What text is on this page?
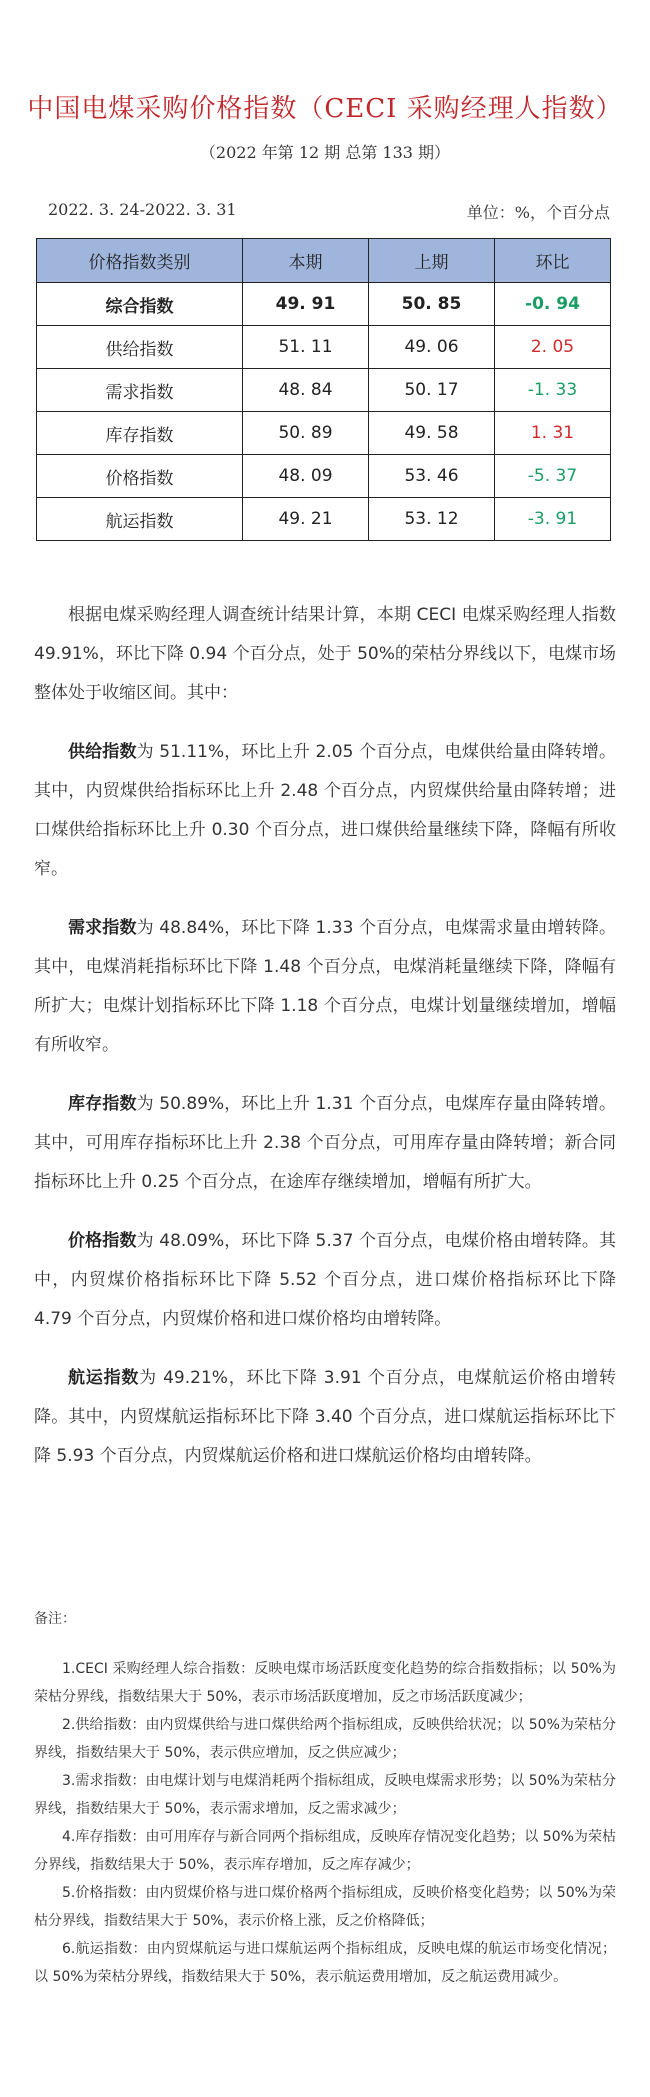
中国电煤采购价格指数（CECI 采购经理人指数）
（2022 年第 12 期 总第 133 期）
2022. 3. 24-2022. 3. 31	单位：%，个百分点
价格指数类别	本期	上期	环比
综合指数	49. 91	50. 85	-0. 94
供给指数	51. 11	49. 06	2. 05
需求指数	48. 84	50. 17	-1. 33
库存指数	50. 89	49. 58	1. 31
价格指数	48. 09	53. 46	-5. 37
航运指数	49. 21	53. 12	-3. 91

根据电煤采购经理人调查统计结果计算，本期 CECI 电煤采购经理人指数 49.91%，环比下降 0.94 个百分点，处于 50%的荣枯分界线以下，电煤市场整体处于收缩区间。其中：

供给指数为 51.11%，环比上升 2.05 个百分点，电煤供给量由降转增。其中，内贸煤供给指标环比上升 2.48 个百分点，内贸煤供给量由降转增；进口煤供给指标环比上升 0.30 个百分点，进口煤供给量继续下降，降幅有所收窄。

需求指数为 48.84%，环比下降 1.33 个百分点，电煤需求量由增转降。其中，电煤消耗指标环比下降 1.48 个百分点，电煤消耗量继续下降，降幅有所扩大；电煤计划指标环比下降 1.18 个百分点，电煤计划量继续增加，增幅有所收窄。

库存指数为 50.89%，环比上升 1.31 个百分点，电煤库存量由降转增。其中，可用库存指标环比上升 2.38 个百分点，可用库存量由降转增；新合同指标环比上升 0.25 个百分点，在途库存继续增加，增幅有所扩大。

价格指数为 48.09%，环比下降 5.37 个百分点，电煤价格由增转降。其中，内贸煤价格指标环比下降 5.52 个百分点，进口煤价格指标环比下降 4.79 个百分点，内贸煤价格和进口煤价格均由增转降。

航运指数为 49.21%，环比下降 3.91 个百分点，电煤航运价格由增转降。其中，内贸煤航运指标环比下降 3.40 个百分点，进口煤航运指标环比下降 5.93 个百分点，内贸煤航运价格和进口煤航运价格均由增转降。

备注：

1.CECI 采购经理人综合指数：反映电煤市场活跃度变化趋势的综合指数指标；以 50%为荣枯分界线，指数结果大于 50%，表示市场活跃度增加，反之市场活跃度减少；

2.供给指数：由内贸煤供给与进口煤供给两个指标组成，反映供给状况；以 50%为荣枯分界线，指数结果大于 50%，表示供应增加，反之供应减少；

3.需求指数：由电煤计划与电煤消耗两个指标组成，反映电煤需求形势；以 50%为荣枯分界线，指数结果大于 50%，表示需求增加，反之需求减少；

4.库存指数：由可用库存与新合同两个指标组成，反映库存情况变化趋势；以 50%为荣枯分界线，指数结果大于 50%，表示库存增加，反之库存减少；

5.价格指数：由内贸煤价格与进口煤价格两个指标组成，反映价格变化趋势；以 50%为荣枯分界线，指数结果大于 50%，表示价格上涨，反之价格降低；

6.航运指数：由内贸煤航运与进口煤航运两个指标组成，反映电煤的航运市场变化情况；以 50%为荣枯分界线，指数结果大于 50%，表示航运费用增加，反之航运费用减少。
